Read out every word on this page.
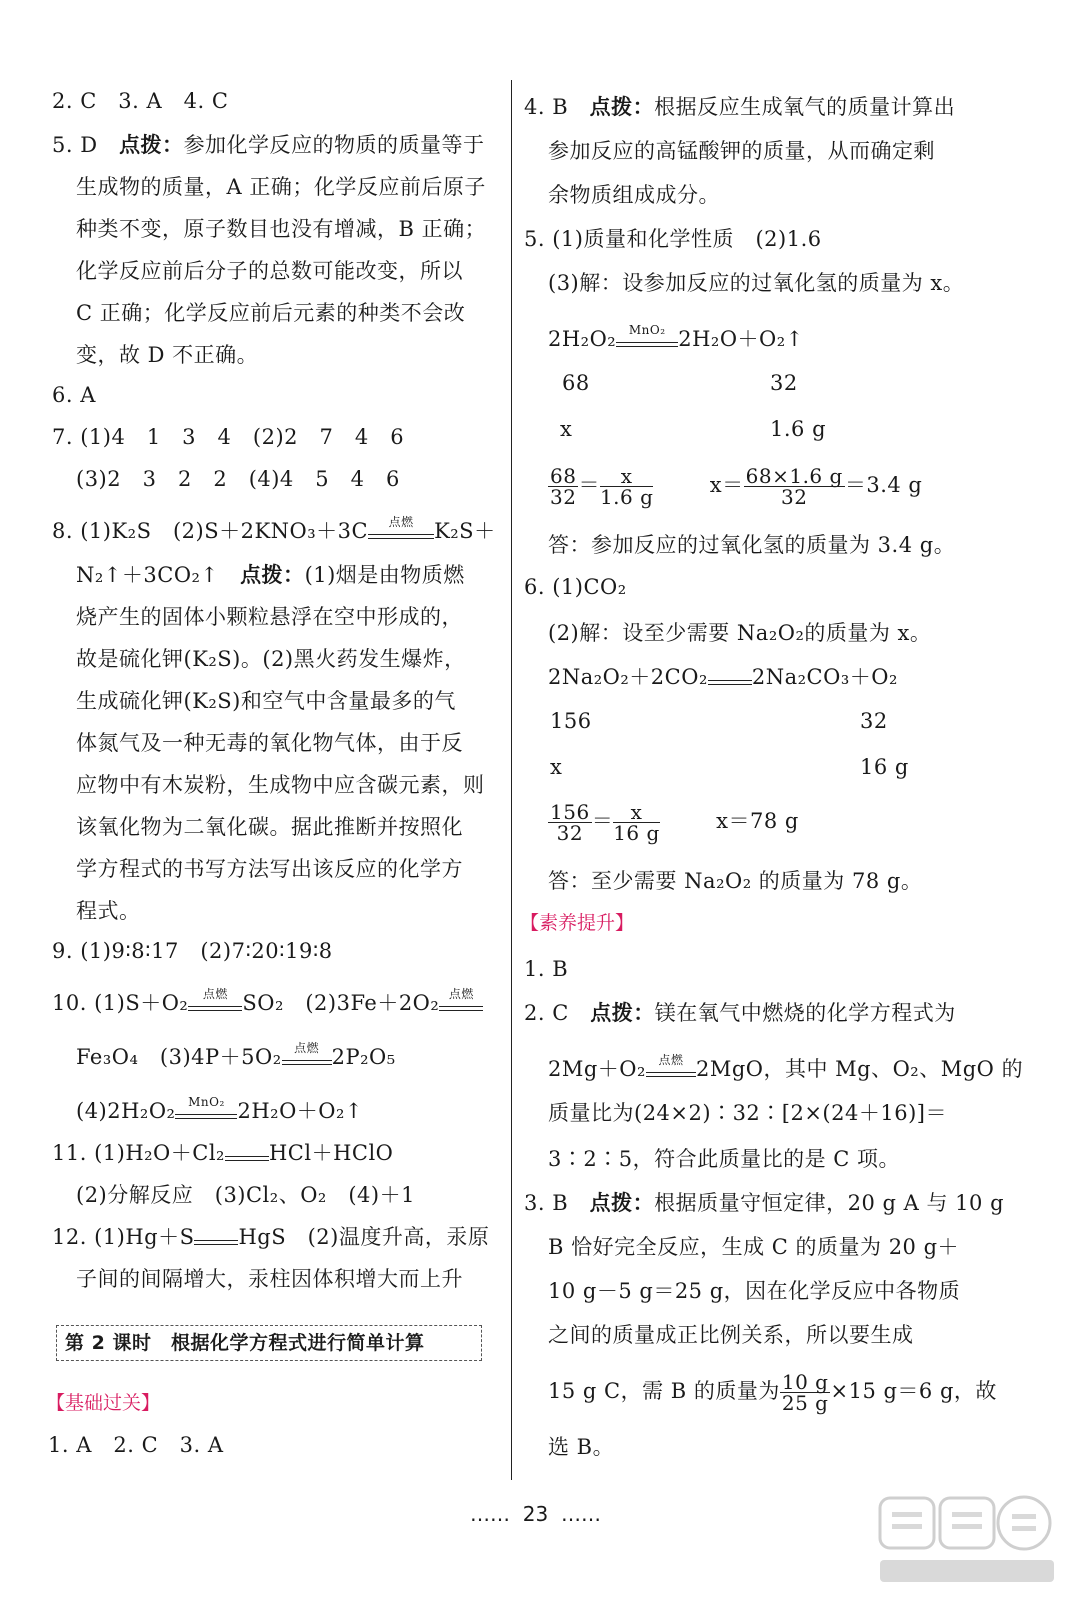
2. C　3. A　4. C
5. D　 点拨：参加化学反应的物质的质量等于
生成物的质量，A 正确；化学反应前后原子
种类不变，原子数目也没有增减，B 正确；
化学反应前后分子的总数可能改变，所以
C 正确；化学反应前后元素的种类不会改
变，故 D 不正确。
6. A
7. (1)4　1　3　4　(2)2　7　4　6
(3)2　3　2　2　(4)4　5　4　6
8. (1)K₂S　(2)S＋2KNO₃＋3C	点燃 K₂S＋
N₂↑＋3CO₂↑　 点拨：(1)烟是由物质燃
烧产生的固体小颗粒悬浮在空中形成的，
故是硫化钾(K₂S)。(2)黑火药发生爆炸，
生成硫化钾(K₂S)和空气中含量最多的气
体氮气及一种无毒的氧化物气体，由于反
应物中有木炭粉，生成物中应含碳元素，则
该氧化物为二氧化碳。据此推断并按照化
学方程式的书写方法写出该反应的化学方
程式。
9. (1)9∶8∶17　(2)7∶20∶19∶8
10. (1)S＋O₂	点燃 SO₂　(2)3Fe＋2O₂ 点燃
Fe₃O₄　(3)4P＋5O₂	点燃 2P₂O₅
(4)2H₂O₂	MnO₂ 2H₂O＋O₂↑
11. (1)H₂O＋Cl₂ HCl＋HClO
(2)分解反应　(3)Cl₂、O₂　(4)＋1
12. (1)Hg＋S HgS　(2)温度升高，汞原
子间的间隔增大，汞柱因体积增大而上升
第 2 课时　根据化学方程式进行简单计算
【基础过关】
1. A　2. C　3. A
4. B　 点拨：根据反应生成氧气的质量计算出
参加反应的高锰酸钾的质量，从而确定剩
余物质组成成分。
5. (1)质量和化学性质　(2)1.6
(3)解：设参加反应的过氧化氢的质量为 x。
2H₂O₂	MnO₂ 2H₂O＋O₂↑
68	32
x	1.6 g
$\frac{68}{32} = \frac{x}{1.6 g}$	$x= \frac{68\times 1.6 g}{32} =3.4$ g
答：参加反应的过氧化氢的质量为 3.4 g。
6. (1)CO₂
(2)解：设至少需要 Na₂O₂的质量为 x。
2Na₂O₂＋2CO₂ 2Na₂CO₃＋O₂
156	32
x	16 g
$\frac{156}{32} = \frac{x}{16 g}$	x＝78 g
答：至少需要 Na₂O₂ 的质量为 78 g。
【素养提升】
1. B
2. C　 点拨：镁在氧气中燃烧的化学方程式为
2Mg＋O₂	点燃 2MgO，其中 Mg、O₂、MgO 的
质量比为(24×2)∶32∶[2×(24＋16)]＝
3∶2∶5，符合此质量比的是 C 项。
3. B　 点拨：根据质量守恒定律，20 g A 与 10 g
B 恰好完全反应，生成 C 的质量为 20 g＋
10 g－5 g＝25 g，因在化学反应中各物质
之间的质量成正比例关系，所以要生成
15 g C，需 B 的质量为 $\frac{10 g}{25 g} \times 15$ g＝6 g，故
选 B。
…… 23 ……
